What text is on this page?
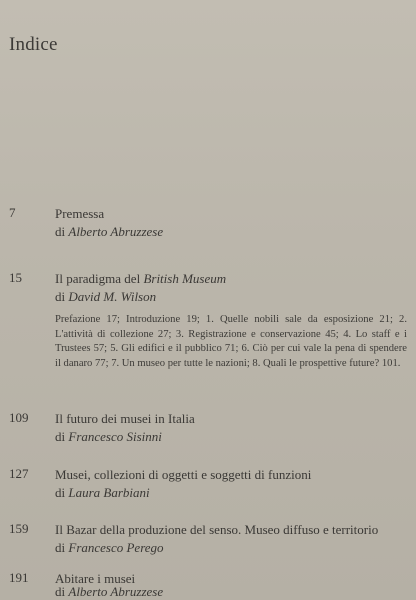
Indice
7	Premessa
di Alberto Abruzzese
15	Il paradigma del British Museum
di David M. Wilson
Prefazione 17; Introduzione 19; 1. Quelle nobili sale da esposizione 21; 2. L'attività di collezione 27; 3. Registrazione e conservazione 45; 4. Lo staff e i Trustees 57; 5. Gli edifici e il pubblico 71; 6. Ciò per cui vale la pena di spendere il danaro 77; 7. Un museo per tutte le nazioni; 8. Quali le prospettive future? 101.
109 Il futuro dei musei in Italia
di Francesco Sisinni
127 Musei, collezioni di oggetti e soggetti di funzioni
di Laura Barbiani
159 Il Bazar della produzione del senso. Museo diffuso e territorio
di Francesco Perego
191 Abitare i musei
di Alberto Abruzzese
